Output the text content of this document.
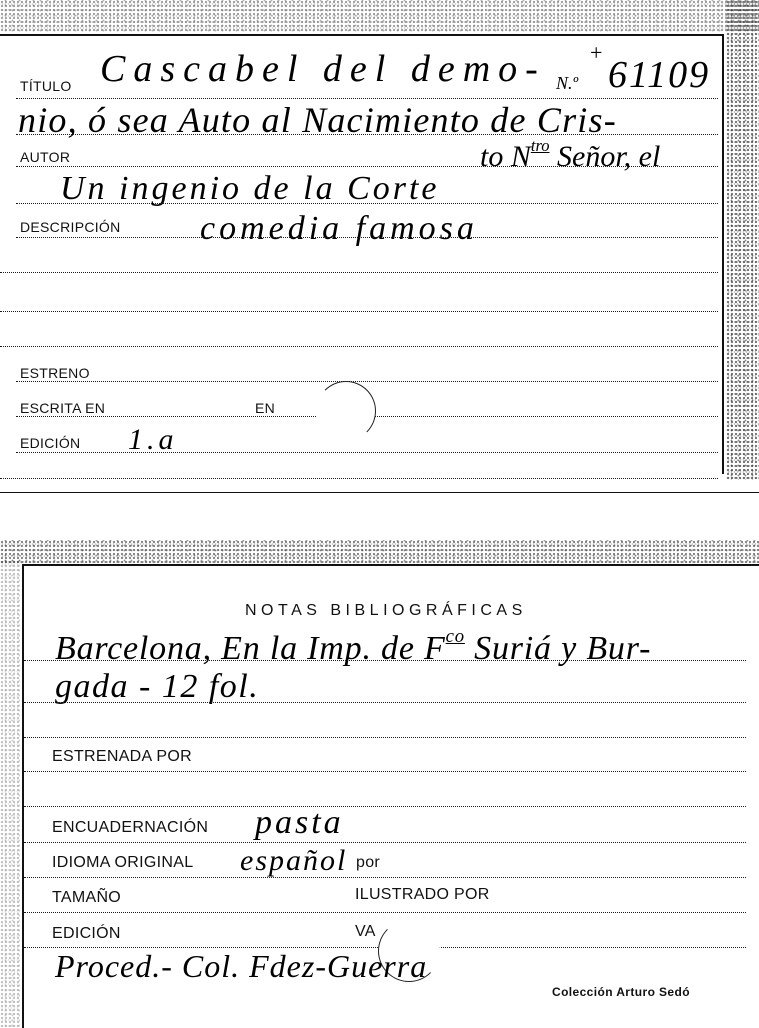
TÍTULO Cascabel del demo- N.º
+
61109
nio, ó sea Auto al Nacimiento de Cris-
AUTOR	to $N^{tro}$ Señor, el
Un ingenio de la Corte
DESCRIPCIÓN comedia famosa
ESTRENO
ESCRITA EN	EN
EDICIÓN 1.a
NOTAS BIBLIOGRÁFICAS
Barcelona, En la Imp. de $F^{co}$ Suriá y Bur-
gada - 12 fol.
ESTRENADA POR
ENCUADERNACIÓN pasta
IDIOMA ORIGINAL español por
TAMAÑO	ILUSTRADO POR
EDICIÓN	VA
Proced.- Col. Fdez-Guerra
Colección Arturo Sedó
